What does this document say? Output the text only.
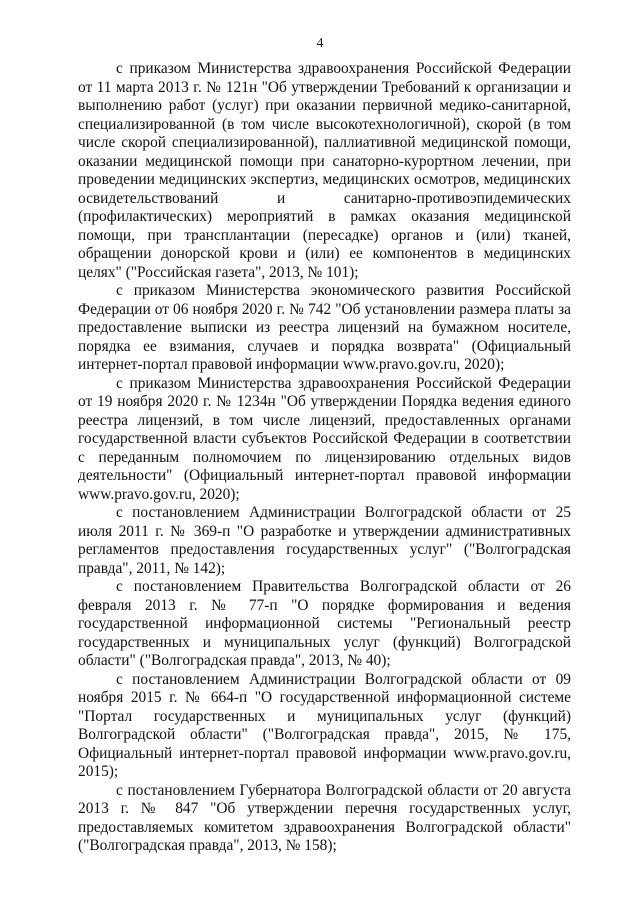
4

с приказом Министерства здравоохранения Российской Федерации от 11 марта 2013 г. № 121н "Об утверждении Требований к организации и выполнению работ (услуг) при оказании первичной медико-санитарной, специализированной (в том числе высокотехнологичной), скорой (в том числе скорой специализированной), паллиативной медицинской помощи, оказании медицинской помощи при санаторно-курортном лечении, при проведении медицинских экспертиз, медицинских осмотров, медицинских освидетельствований и санитарно-противоэпидемических (профилактических) мероприятий в рамках оказания медицинской помощи, при трансплантации (пересадке) органов и (или) тканей, обращении донорской крови и (или) ее компонентов в медицинских целях" ("Российская газета", 2013, № 101);

с приказом Министерства экономического развития Российской Федерации от 06 ноября 2020 г. № 742 "Об установлении размера платы за предоставление выписки из реестра лицензий на бумажном носителе, порядка ее взимания, случаев и порядка возврата" (Официальный интернет-портал правовой информации www.pravo.gov.ru, 2020);

с приказом Министерства здравоохранения Российской Федерации от 19 ноября 2020 г. № 1234н "Об утверждении Порядка ведения единого реестра лицензий, в том числе лицензий, предоставленных органами государственной власти субъектов Российской Федерации в соответствии с переданным полномочием по лицензированию отдельных видов деятельности" (Официальный интернет-портал правовой информации www.pravo.gov.ru, 2020);

с постановлением Администрации Волгоградской области от 25 июля 2011 г. № 369-п "О разработке и утверждении административных регламентов предоставления государственных услуг" ("Волгоградская правда", 2011, № 142);

с постановлением Правительства Волгоградской области от 26 февраля 2013 г. № 77-п "О порядке формирования и ведения государственной информационной системы "Региональный реестр государственных и муниципальных услуг (функций) Волгоградской области" ("Волгоградская правда", 2013, № 40);

с постановлением Администрации Волгоградской области от 09 ноября 2015 г. № 664-п "О государственной информационной системе "Портал государственных и муниципальных услуг (функций) Волгоградской области" ("Волгоградская правда", 2015, № 175, Официальный интернет-портал правовой информации www.pravo.gov.ru, 2015);

с постановлением Губернатора Волгоградской области от 20 августа 2013 г. № 847 "Об утверждении перечня государственных услуг, предоставляемых комитетом здравоохранения Волгоградской области" ("Волгоградская правда", 2013, № 158);
